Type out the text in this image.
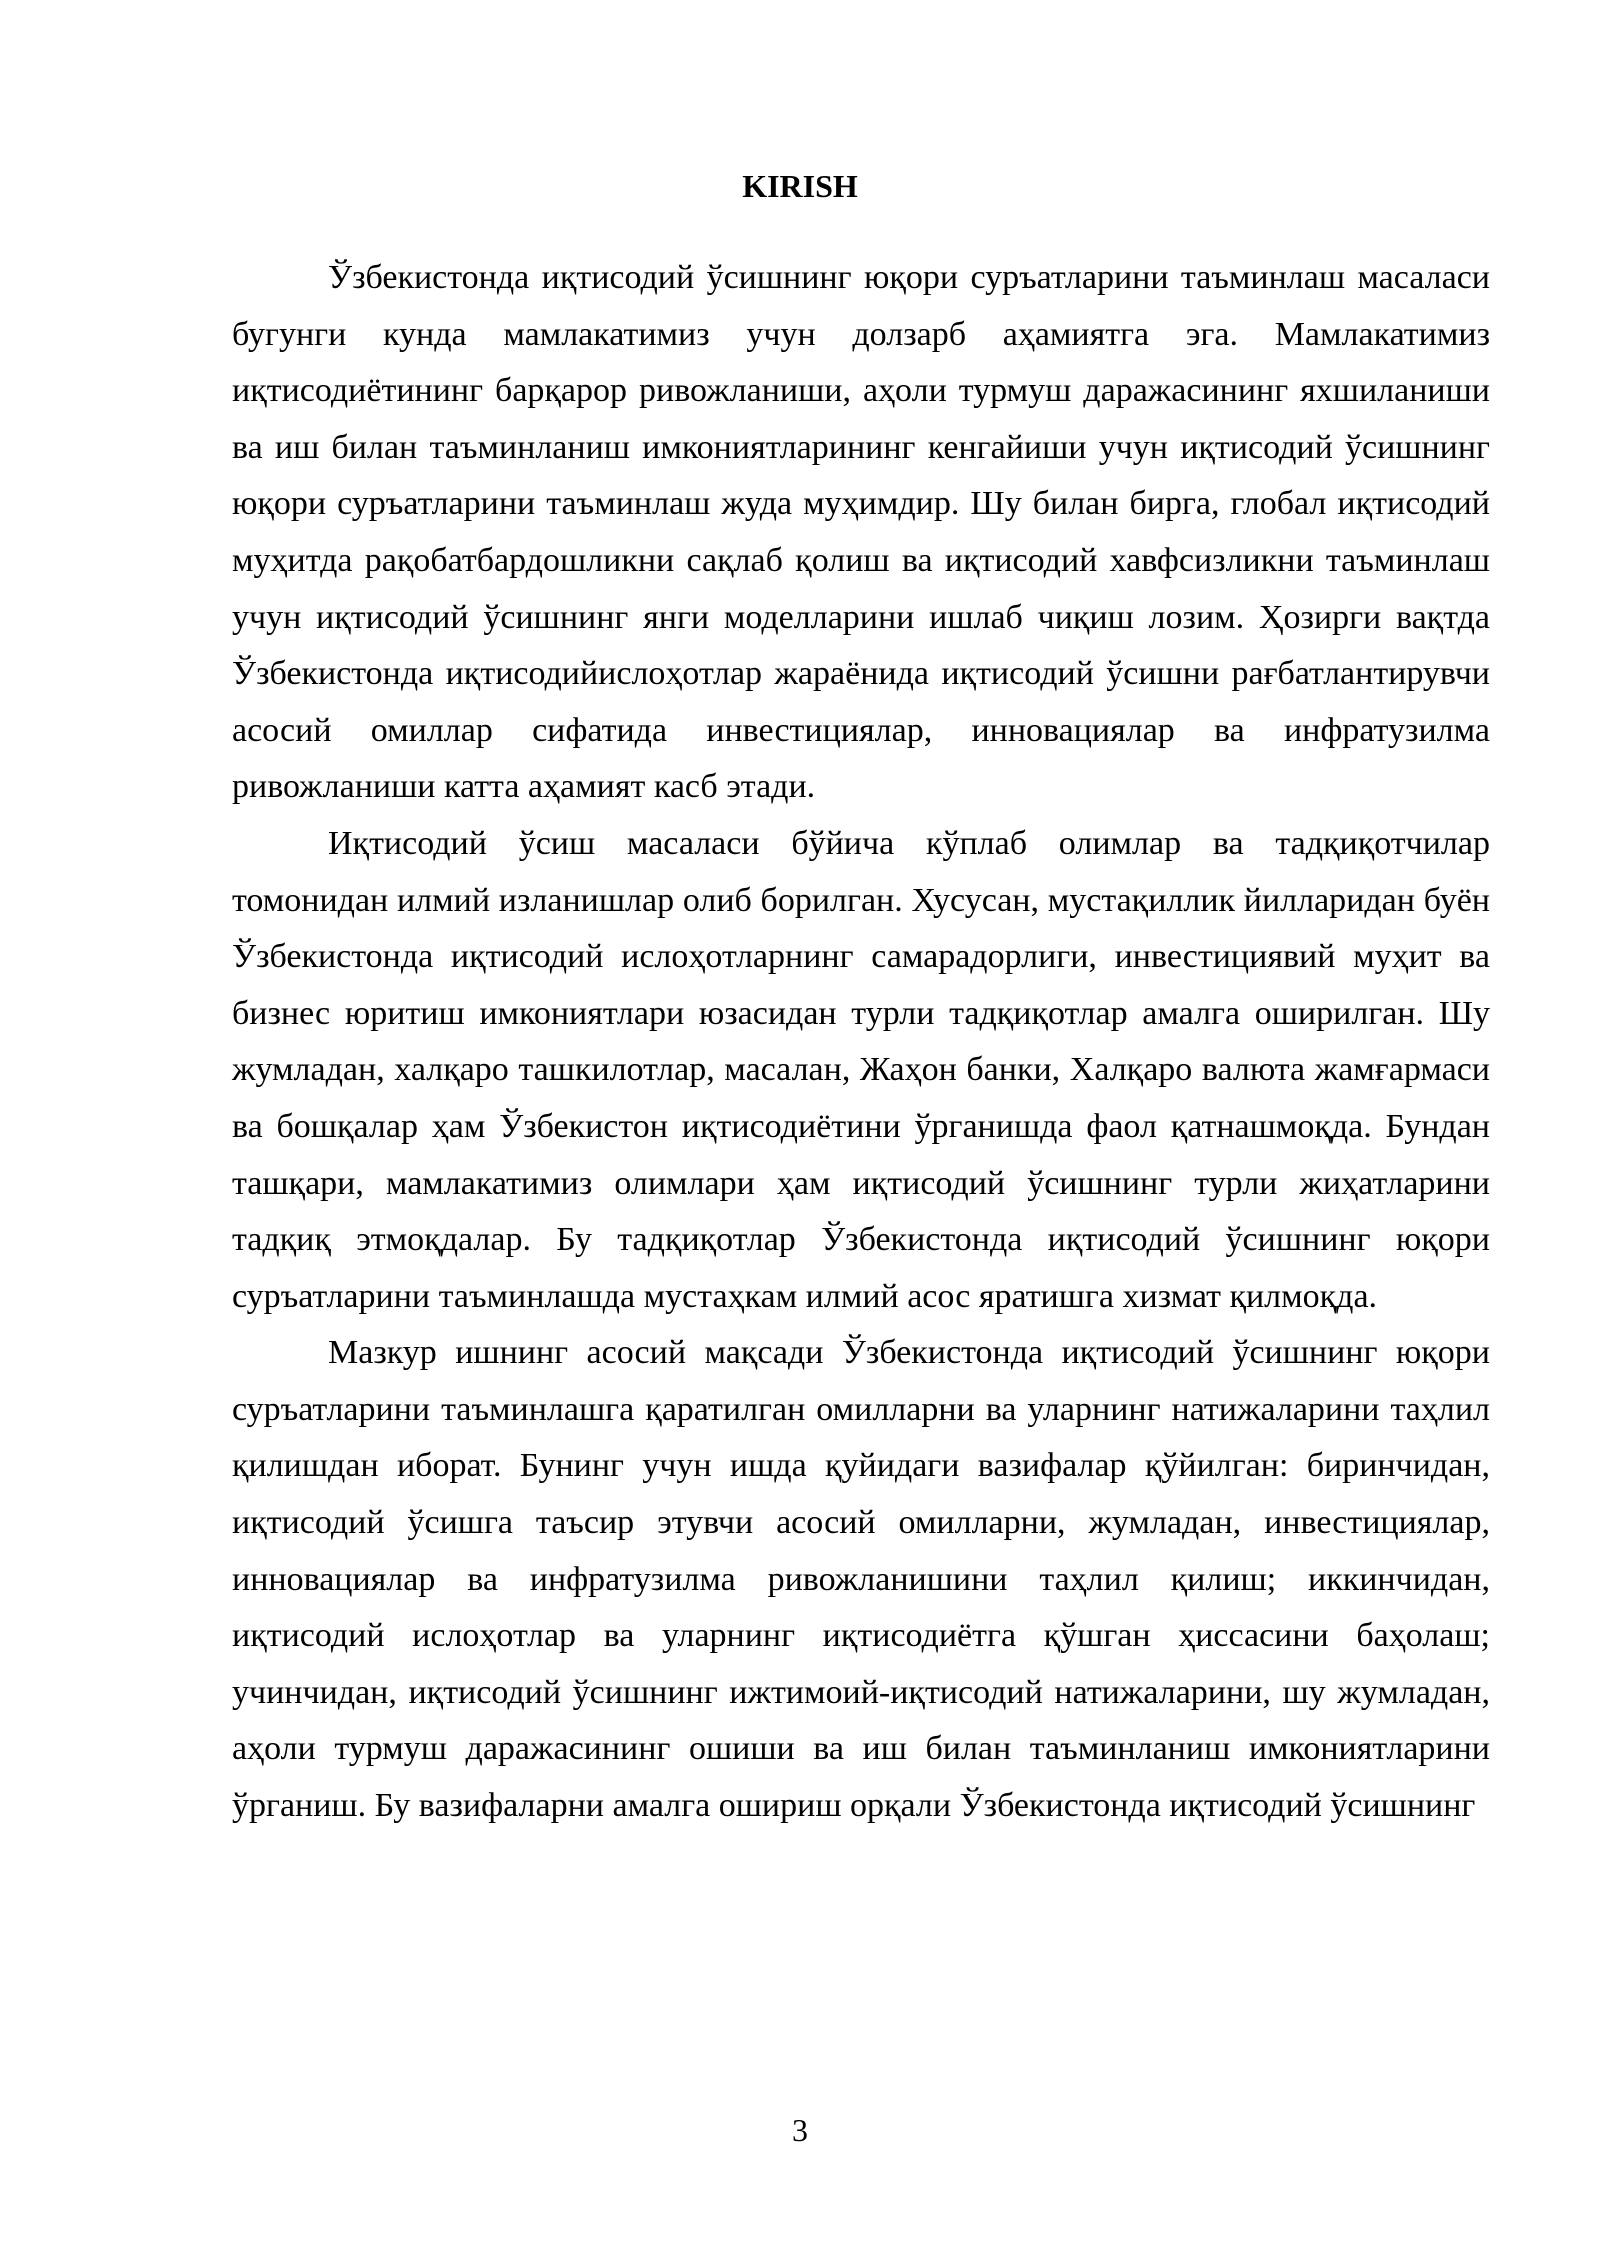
KIRISH

Ўзбекистонда иқтисодий ўсишнинг юқори суръатларини таъминлаш масаласи бугунги кунда мамлакатимиз учун долзарб аҳамиятга эга. Мамлакатимиз иқтисодиётининг барқарор ривожланиши, аҳоли турмуш даражасининг яхшиланиши ва иш билан таъминланиш имкониятларининг кенгайиши учун иқтисодий ўсишнинг юқори суръатларини таъминлаш жуда муҳимдир. Шу билан бирга, глобал иқтисодий муҳитда рақобатбардошликни сақлаб қолиш ва иқтисодий хавфсизликни таъминлаш учун иқтисодий ўсишнинг янги моделларини ишлаб чиқиш лозим. Ҳозирги вақтда Ўзбекистонда иқтисодийислоҳотлар жараёнида иқтисодий ўсишни рағбатлантирувчи асосий омиллар сифатида инвестициялар, инновациялар ва инфратузилма ривожланиши катта аҳамият касб этади.

Иқтисодий ўсиш масаласи бўйича кўплаб олимлар ва тадқиқотчилар томонидан илмий изланишлар олиб борилган. Хусусан, мустақиллик йилларидан буён Ўзбекистонда иқтисодий ислоҳотларнинг самарадорлиги, инвестициявий муҳит ва бизнес юритиш имкониятлари юзасидан турли тадқиқотлар амалга оширилган. Шу жумладан, халқаро ташкилотлар, масалан, Жаҳон банки, Халқаро валюта жамғармаси ва бошқалар ҳам Ўзбекистон иқтисодиётини ўрганишда фаол қатнашмоқда. Бундан ташқари, мамлакатимиз олимлари ҳам иқтисодий ўсишнинг турли жиҳатларини тадқиқ этмоқдалар. Бу тадқиқотлар Ўзбекистонда иқтисодий ўсишнинг юқори суръатларини таъминлашда мустаҳкам илмий асос яратишга хизмат қилмоқда.

Мазкур ишнинг асосий мақсади Ўзбекистонда иқтисодий ўсишнинг юқори суръатларини таъминлашга қаратилган омилларни ва уларнинг натижаларини таҳлил қилишдан иборат. Бунинг учун ишда қуйидаги вазифалар қўйилган: биринчидан, иқтисодий ўсишга таъсир этувчи асосий омилларни, жумладан, инвестициялар, инновациялар ва инфратузилма ривожланишини таҳлил қилиш; иккинчидан, иқтисодий ислоҳотлар ва уларнинг иқтисодиётга қўшган ҳиссасини баҳолаш; учинчидан, иқтисодий ўсишнинг ижтимоий-иқтисодий натижаларини, шу жумладан, аҳоли турмуш даражасининг ошиши ва иш билан таъминланиш имкониятларини ўрганиш. Бу вазифаларни амалга ошириш орқали Ўзбекистонда иқтисодий ўсишнинг

3
